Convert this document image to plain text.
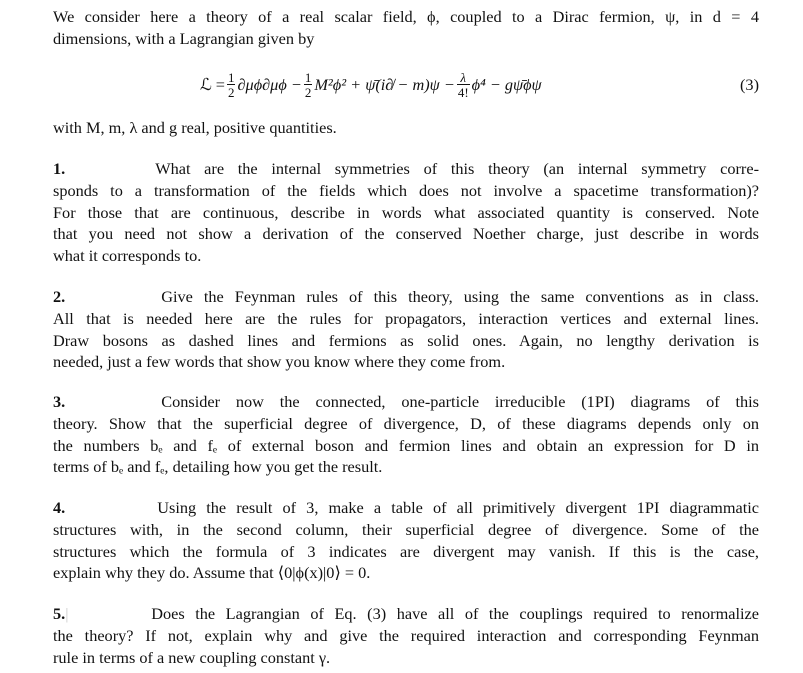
We consider here a theory of a real scalar field, ϕ, coupled to a Dirac fermion, ψ, in d = 4
dimensions, with a Lagrangian given by

ℒ = $\frac{1}{2} \partial\mu\phi\partial\mu\phi - \frac{1}{2} M^2\phi^2$ + ψ̄(i∂̸ − $m)\psi - \frac{\lambda}{4!} \phi^4$ − gψ̄ϕψ	(3)

with M, m, λ and g real, positive quantities.

1.	What are the internal symmetries of this theory (an internal symmetry corre-
sponds to a transformation of the fields which does not involve a spacetime transformation)?
For those that are continuous, describe in words what associated quantity is conserved. Note
that you need not show a derivation of the conserved Noether charge, just describe in words
what it corresponds to.

2.	Give the Feynman rules of this theory, using the same conventions as in class.
All that is needed here are the rules for propagators, interaction vertices and external lines.
Draw bosons as dashed lines and fermions as solid ones. Again, no lengthy derivation is
needed, just a few words that show you know where they come from.

3.	Consider now the connected, one-particle irreducible (1PI) diagrams of this
theory. Show that the superficial degree of divergence, D, of these diagrams depends only on
the numbers bₑ and fₑ of external boson and fermion lines and obtain an expression for D in
terms of bₑ and fₑ, detailing how you get the result.

4.	Using the result of 3, make a table of all primitively divergent 1PI diagrammatic
structures with, in the second column, their superficial degree of divergence. Some of the
structures which the formula of 3 indicates are divergent may vanish. If this is the case,
explain why they do. Assume that ⟨0|ϕ(x)|0⟩ = 0.

5.|	Does the Lagrangian of Eq. (3) have all of the couplings required to renormalize
the theory? If not, explain why and give the required interaction and corresponding Feynman
rule in terms of a new coupling constant γ.
